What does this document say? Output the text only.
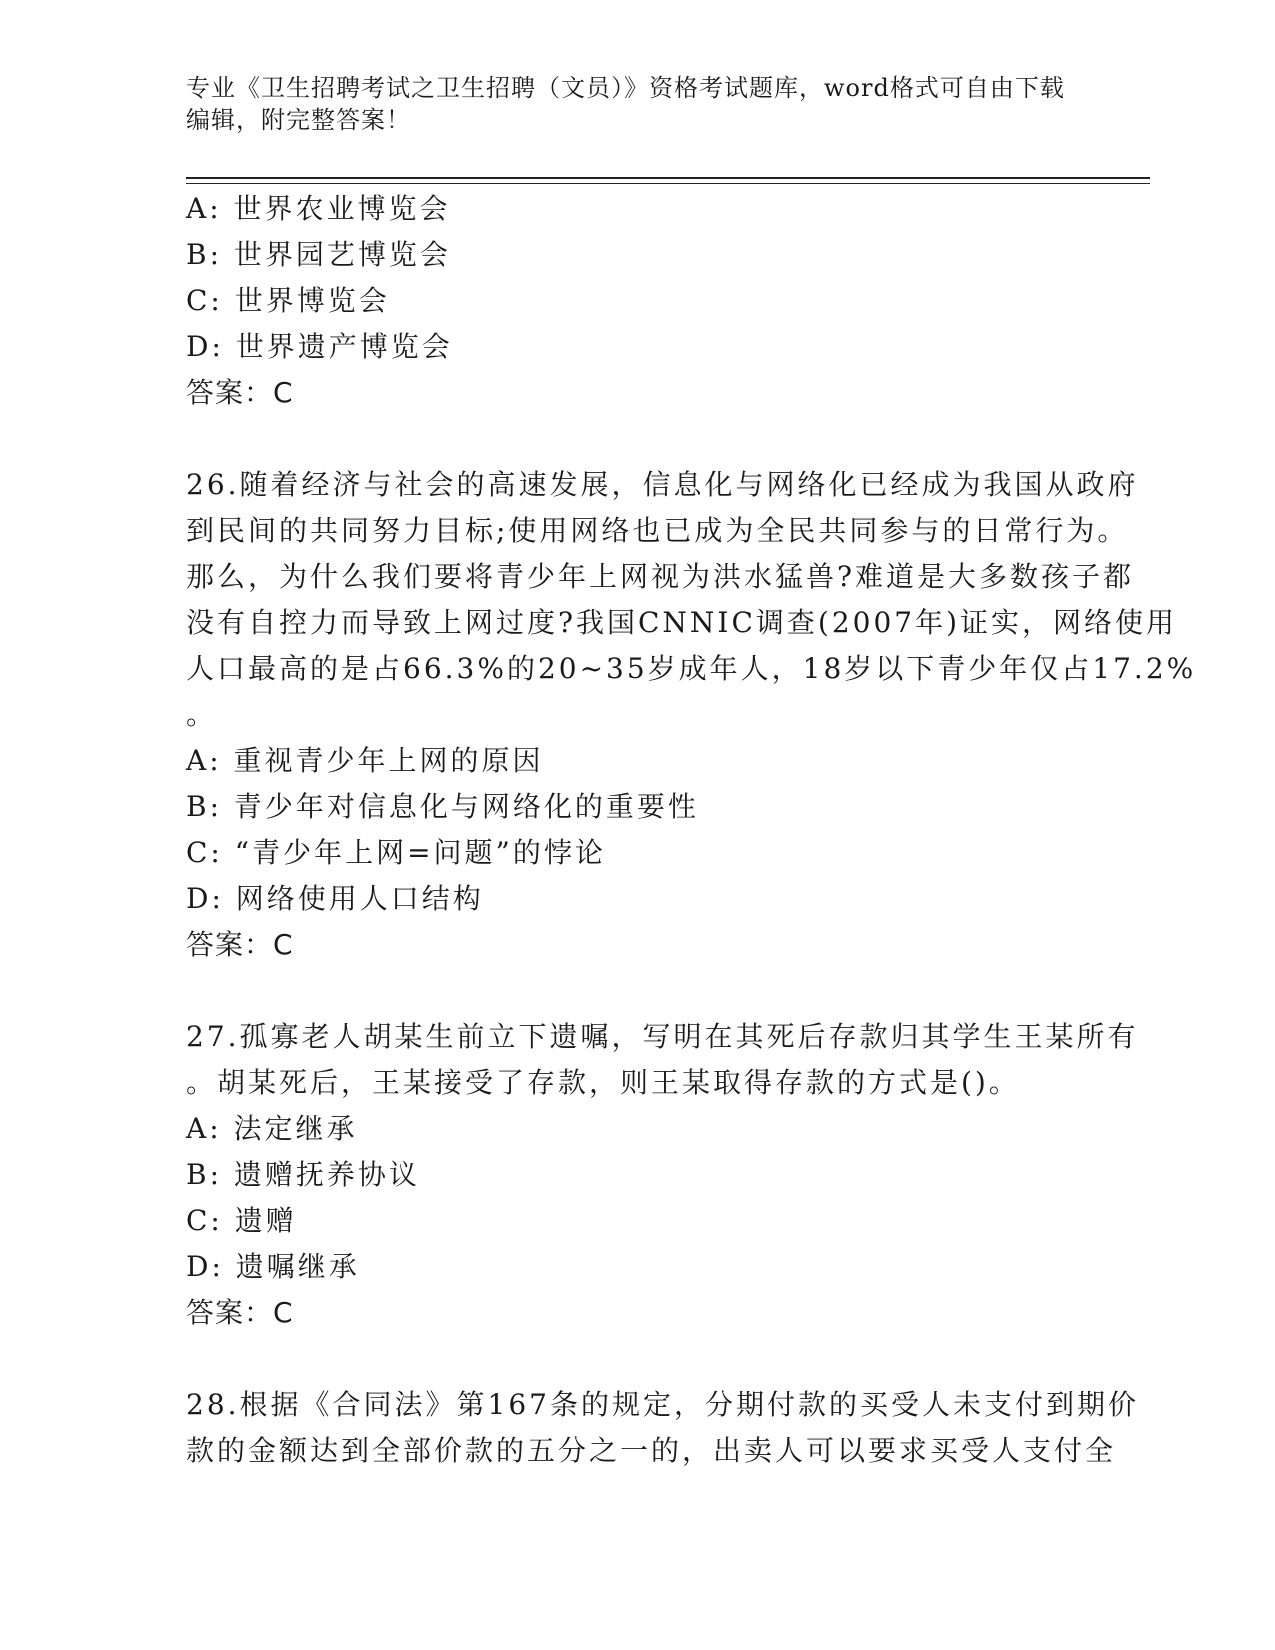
专业《卫生招聘考试之卫生招聘（文员）》资格考试题库，word格式可自由下载
编辑，附完整答案！
A: 世界农业博览会
B: 世界园艺博览会
C: 世界博览会
D: 世界遗产博览会
答案：C
26.随着经济与社会的高速发展，信息化与网络化已经成为我国从政府
到民间的共同努力目标;使用网络也已成为全民共同参与的日常行为。
那么，为什么我们要将青少年上网视为洪水猛兽?难道是大多数孩子都
没有自控力而导致上网过度?我国CNNIC调查(2007年)证实，网络使用
人口最高的是占66.3%的20~35岁成年人，18岁以下青少年仅占17.2%
。
A: 重视青少年上网的原因
B: 青少年对信息化与网络化的重要性
C: “青少年上网=问题”的悖论
D: 网络使用人口结构
答案：C
27.孤寡老人胡某生前立下遗嘱，写明在其死后存款归其学生王某所有
。胡某死后，王某接受了存款，则王某取得存款的方式是()。
A: 法定继承
B: 遗赠抚养协议
C: 遗赠
D: 遗嘱继承
答案：C
28.根据《合同法》第167条的规定，分期付款的买受人未支付到期价
款的金额达到全部价款的五分之一的，出卖人可以要求买受人支付全
